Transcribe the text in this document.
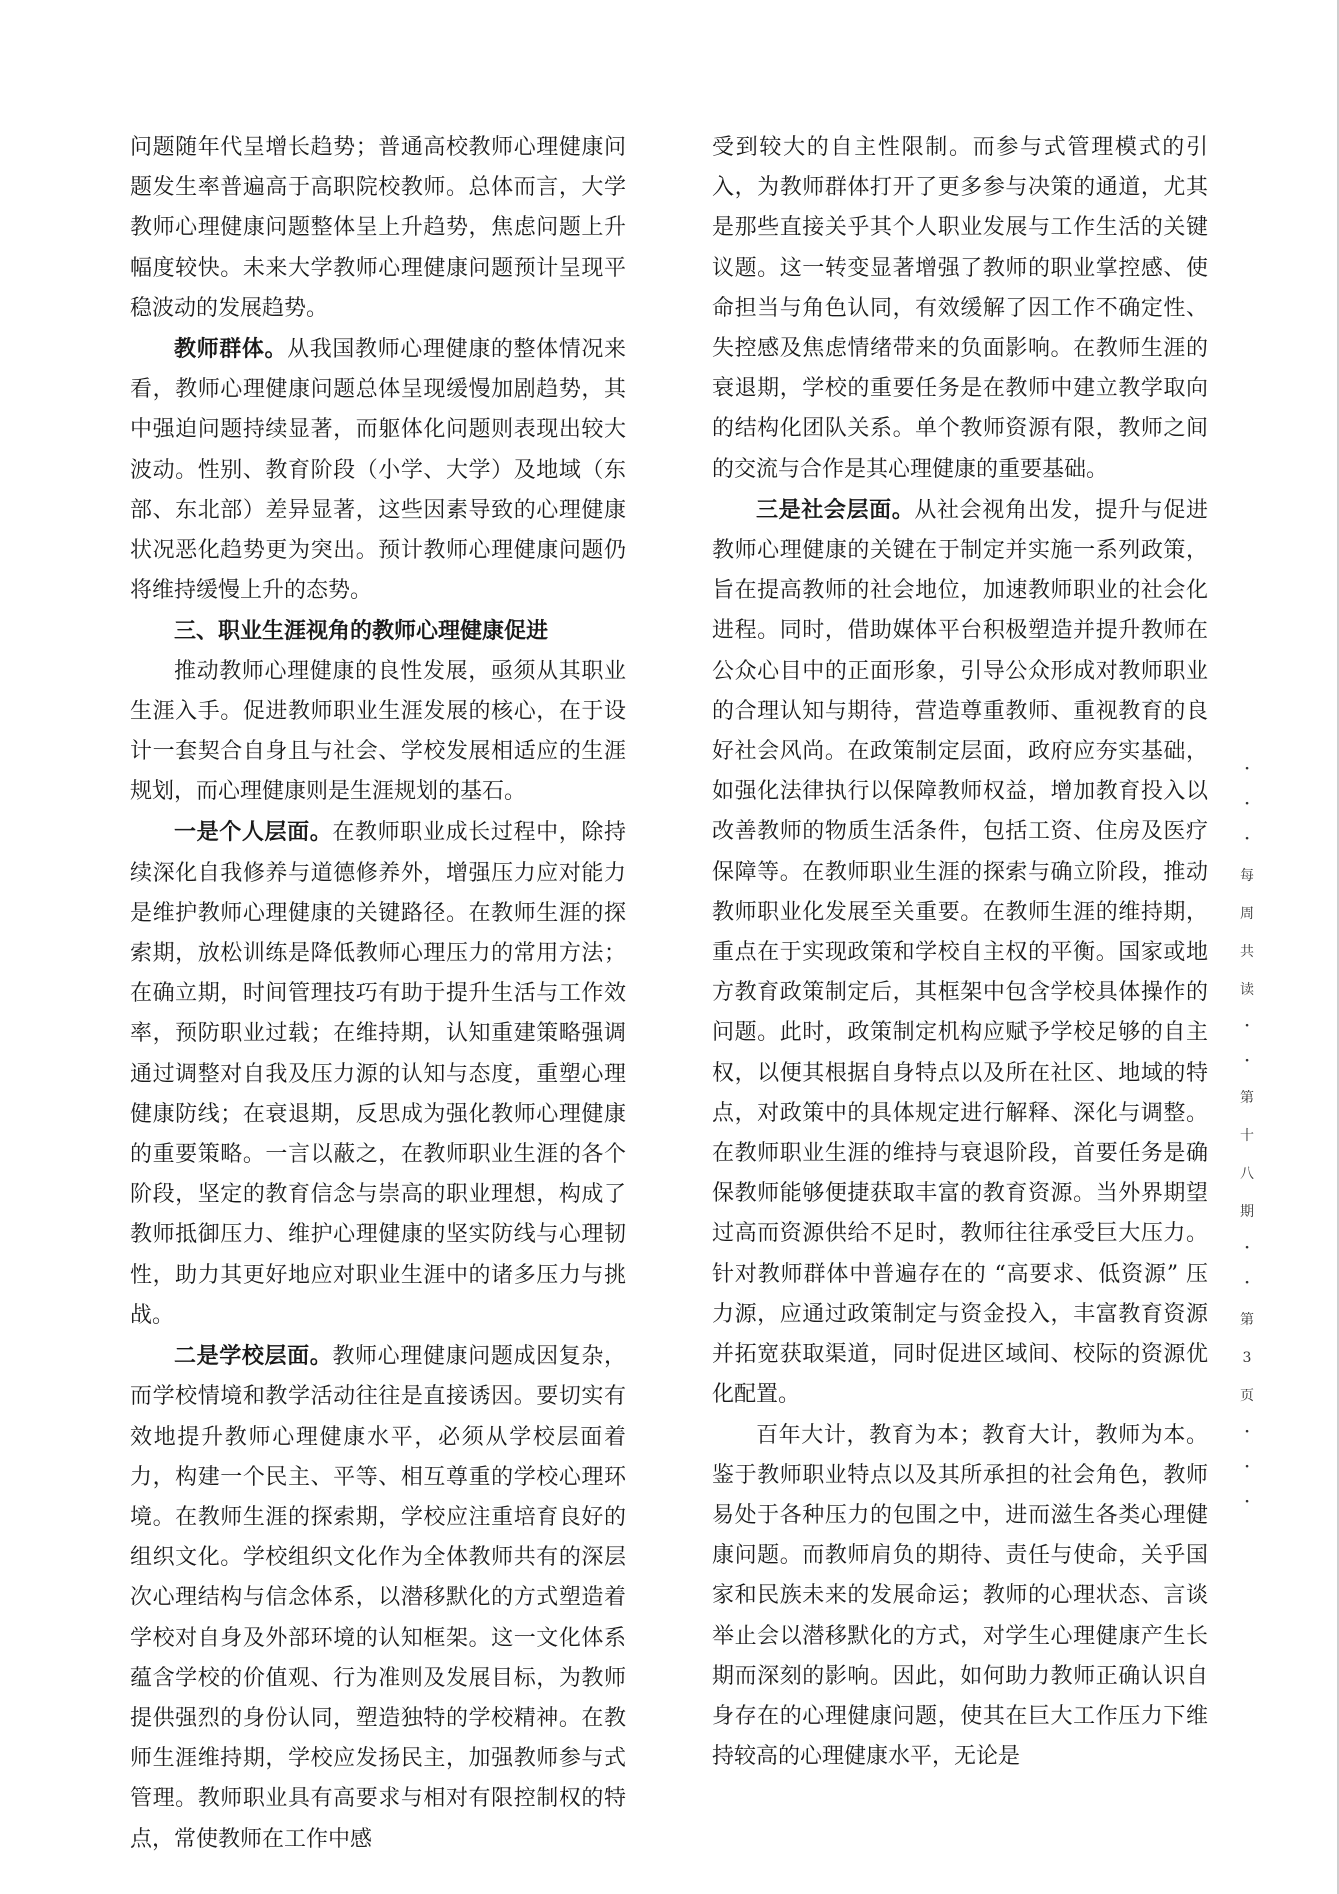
问题随年代呈增长趋势；普通高校教师心理健康问题发生率普遍高于高职院校教师。总体而言，大学教师心理健康问题整体呈上升趋势，焦虑问题上升幅度较快。未来大学教师心理健康问题预计呈现平稳波动的发展趋势。

教师群体。从我国教师心理健康的整体情况来看，教师心理健康问题总体呈现缓慢加剧趋势，其中强迫问题持续显著，而躯体化问题则表现出较大波动。性别、教育阶段（小学、大学）及地域（东部、东北部）差异显著，这些因素导致的心理健康状况恶化趋势更为突出。预计教师心理健康问题仍将维持缓慢上升的态势。

三、职业生涯视角的教师心理健康促进

推动教师心理健康的良性发展，亟须从其职业生涯入手。促进教师职业生涯发展的核心，在于设计一套契合自身且与社会、学校发展相适应的生涯规划，而心理健康则是生涯规划的基石。

一是个人层面。在教师职业成长过程中，除持续深化自我修养与道德修养外，增强压力应对能力是维护教师心理健康的关键路径。在教师生涯的探索期，放松训练是降低教师心理压力的常用方法；在确立期，时间管理技巧有助于提升生活与工作效率，预防职业过载；在维持期，认知重建策略强调通过调整对自我及压力源的认知与态度，重塑心理健康防线；在衰退期，反思成为强化教师心理健康的重要策略。一言以蔽之，在教师职业生涯的各个阶段，坚定的教育信念与崇高的职业理想，构成了教师抵御压力、维护心理健康的坚实防线与心理韧性，助力其更好地应对职业生涯中的诸多压力与挑战。

二是学校层面。教师心理健康问题成因复杂，而学校情境和教学活动往往是直接诱因。要切实有效地提升教师心理健康水平，必须从学校层面着力，构建一个民主、平等、相互尊重的学校心理环境。在教师生涯的探索期，学校应注重培育良好的组织文化。学校组织文化作为全体教师共有的深层次心理结构与信念体系，以潜移默化的方式塑造着学校对自身及外部环境的认知框架。这一文化体系蕴含学校的价值观、行为准则及发展目标，为教师提供强烈的身份认同，塑造独特的学校精神。在教师生涯维持期，学校应发扬民主，加强教师参与式管理。教师职业具有高要求与相对有限控制权的特点，常使教师在工作中感

受到较大的自主性限制。而参与式管理模式的引入，为教师群体打开了更多参与决策的通道，尤其是那些直接关乎其个人职业发展与工作生活的关键议题。这一转变显著增强了教师的职业掌控感、使命担当与角色认同，有效缓解了因工作不确定性、失控感及焦虑情绪带来的负面影响。在教师生涯的衰退期，学校的重要任务是在教师中建立教学取向的结构化团队关系。单个教师资源有限，教师之间的交流与合作是其心理健康的重要基础。

三是社会层面。从社会视角出发，提升与促进教师心理健康的关键在于制定并实施一系列政策，旨在提高教师的社会地位，加速教师职业的社会化进程。同时，借助媒体平台积极塑造并提升教师在公众心目中的正面形象，引导公众形成对教师职业的合理认知与期待，营造尊重教师、重视教育的良好社会风尚。在政策制定层面，政府应夯实基础，如强化法律执行以保障教师权益，增加教育投入以改善教师的物质生活条件，包括工资、住房及医疗保障等。在教师职业生涯的探索与确立阶段，推动教师职业化发展至关重要。在教师生涯的维持期，重点在于实现政策和学校自主权的平衡。国家或地方教育政策制定后，其框架中包含学校具体操作的问题。此时，政策制定机构应赋予学校足够的自主权，以便其根据自身特点以及所在社区、地域的特点，对政策中的具体规定进行解释、深化与调整。在教师职业生涯的维持与衰退阶段，首要任务是确保教师能够便捷获取丰富的教育资源。当外界期望过高而资源供给不足时，教师往往承受巨大压力。针对教师群体中普遍存在的 “高要求、低资源” 压力源，应通过政策制定与资金投入，丰富教育资源并拓宽获取渠道，同时促进区域间、校际的资源优化配置。

百年大计，教育为本；教育大计，教师为本。鉴于教师职业特点以及其所承担的社会角色，教师易处于各种压力的包围之中，进而滋生各类心理健康问题。而教师肩负的期待、责任与使命，关乎国家和民族未来的发展命运；教师的心理状态、言谈举止会以潜移默化的方式，对学生心理健康产生长期而深刻的影响。因此，如何助力教师正确认识自身存在的心理健康问题，使其在巨大工作压力下维持较高的心理健康水平，无论是

·
·
·
每
周
共
读
·
·
第
十
八
期
·
·
第
3
页
·
·
·
